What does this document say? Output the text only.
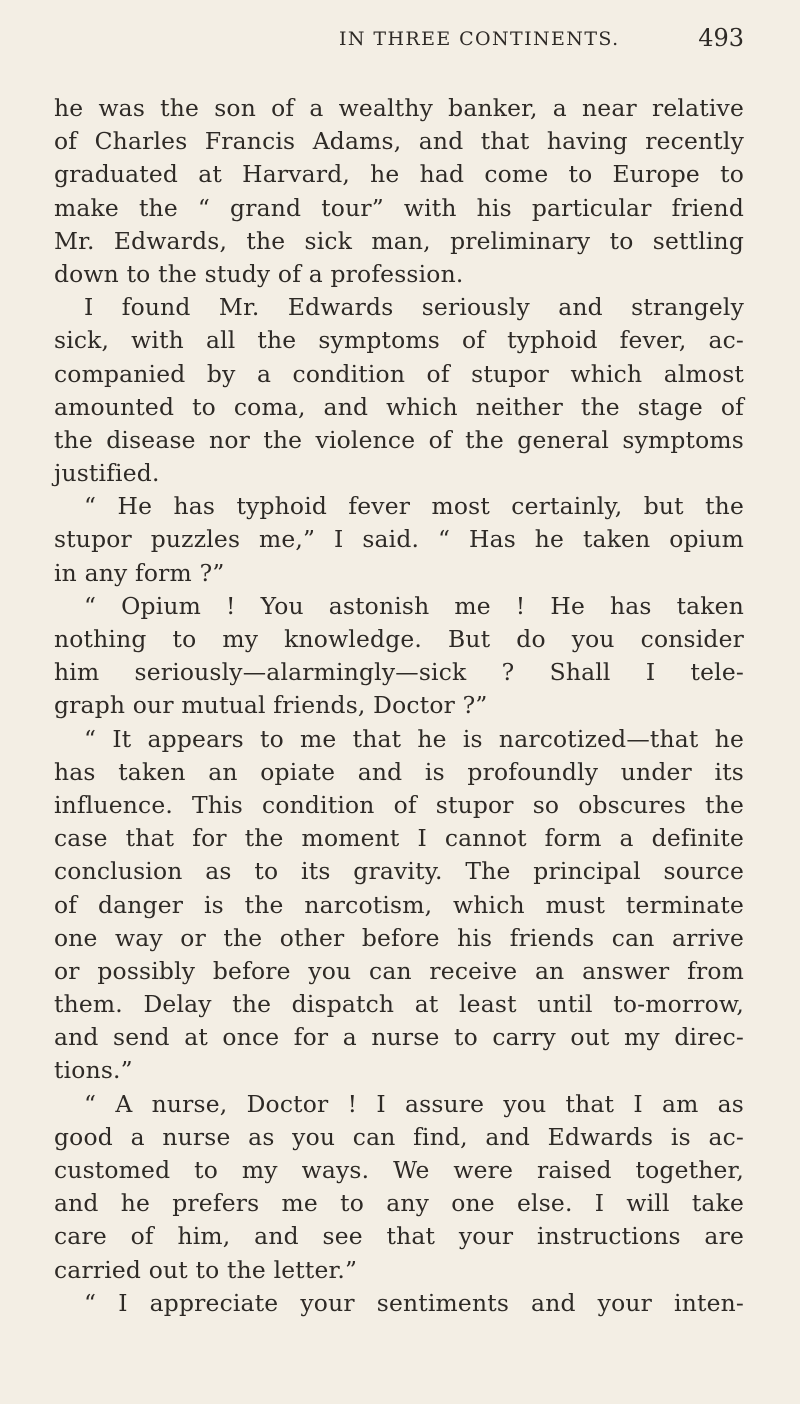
IN THREE CONTINENTS.	493
he was the son of a wealthy banker, a near relative
of Charles Francis Adams, and that having recently
graduated at Harvard, he had come to Europe to
make the “ grand tour” with his particular friend
Mr. Edwards, the sick man, preliminary to settling
down to the study of a profession.
I found Mr. Edwards seriously and strangely
sick, with all the symptoms of typhoid fever, ac-
companied by a condition of stupor which almost
amounted to coma, and which neither the stage of
the disease nor the violence of the general symptoms
justified.
“ He has typhoid fever most certainly, but the
stupor puzzles me,” I said. “ Has he taken opium
in any form ?”
“ Opium ! You astonish me ! He has taken
nothing to my knowledge. But do you consider
him seriously—alarmingly—sick ? Shall I tele-
graph our mutual friends, Doctor ?”
“ It appears to me that he is narcotized—that he
has taken an opiate and is profoundly under its
influence. This condition of stupor so obscures the
case that for the moment I cannot form a definite
conclusion as to its gravity. The principal source
of danger is the narcotism, which must terminate
one way or the other before his friends can arrive
or possibly before you can receive an answer from
them. Delay the dispatch at least until to-morrow,
and send at once for a nurse to carry out my direc-
tions.”
“ A nurse, Doctor ! I assure you that I am as
good a nurse as you can find, and Edwards is ac-
customed to my ways. We were raised together,
and he prefers me to any one else. I will take
care of him, and see that your instructions are
carried out to the letter.”
“ I appreciate your sentiments and your inten-
